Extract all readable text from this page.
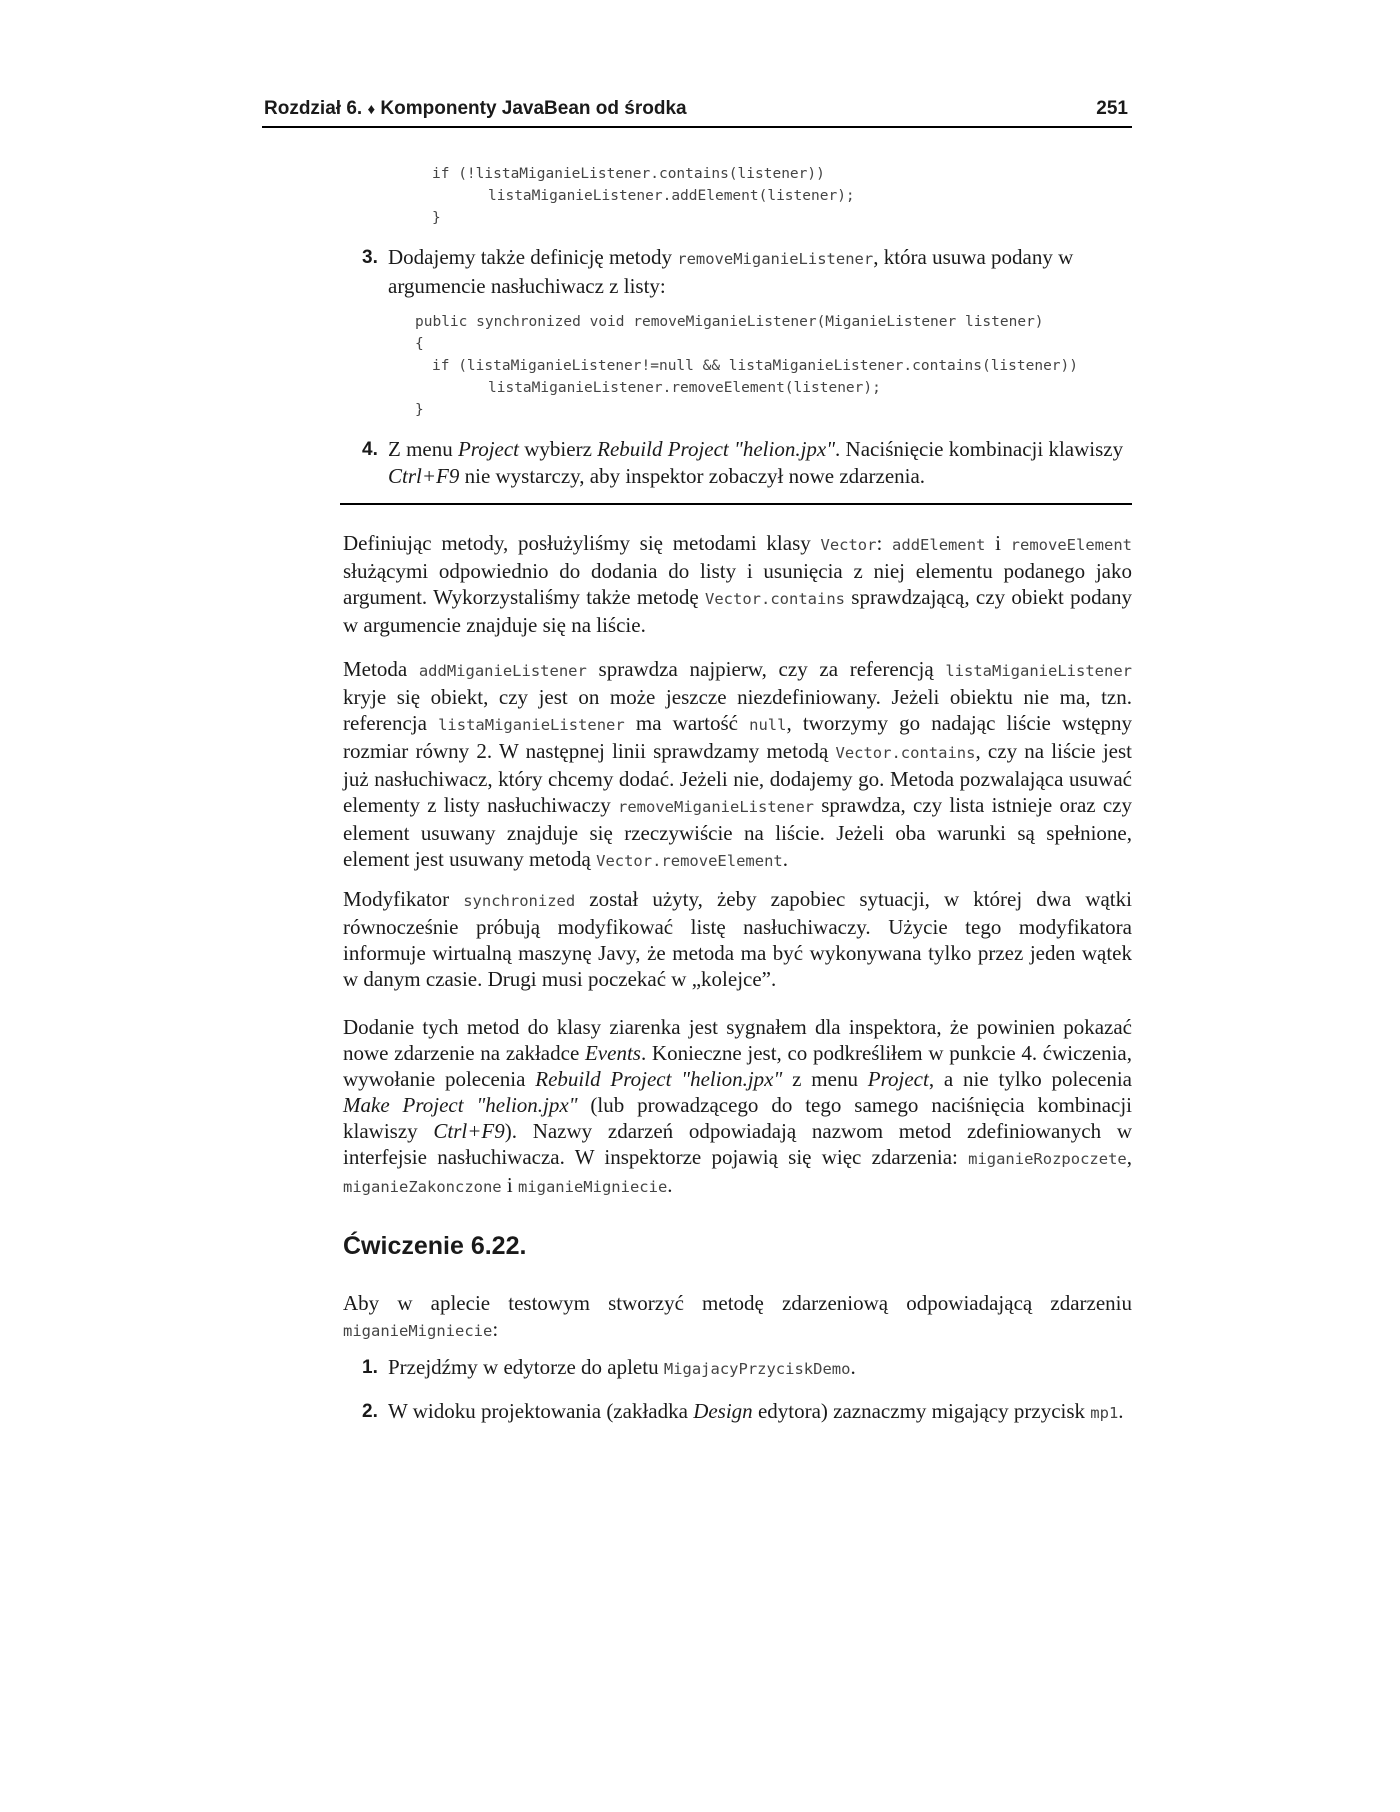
Rozdział 6. ♦ Komponenty JavaBean od środka	251
if (!listaMiganieListener.contains(listener))
listaMiganieListener.addElement(listener);
}
3. Dodajemy także definicję metody removeMiganieListener, która usuwa podany w argumencie nasłuchiwacz z listy:
public synchronized void removeMiganieListener(MiganieListener listener)
{
if (listaMiganieListener!=null && listaMiganieListener.contains(listener))
listaMiganieListener.removeElement(listener);
}
4. Z menu Project wybierz Rebuild Project "helion.jpx". Naciśnięcie kombinacji klawiszy Ctrl+F9 nie wystarczy, aby inspektor zobaczył nowe zdarzenia.

Definiując metody, posłużyliśmy się metodami klasy Vector: addElement i removeElement służącymi odpowiednio do dodania do listy i usunięcia z niej elementu podanego jako argument. Wykorzystaliśmy także metodę Vector.contains sprawdzającą, czy obiekt podany w argumencie znajduje się na liście.

Metoda addMiganieListener sprawdza najpierw, czy za referencją listaMiganieListener kryje się obiekt, czy jest on może jeszcze niezdefiniowany. Jeżeli obiektu nie ma, tzn. referencja listaMiganieListener ma wartość null, tworzymy go nadając liście wstępny rozmiar równy 2. W następnej linii sprawdzamy metodą Vector.contains, czy na liście jest już nasłuchiwacz, który chcemy dodać. Jeżeli nie, dodajemy go. Metoda pozwalająca usuwać elementy z listy nasłuchiwaczy removeMiganieListener sprawdza, czy lista istnieje oraz czy element usuwany znajduje się rzeczywiście na liście. Jeżeli oba warunki są spełnione, element jest usuwany metodą Vector.removeElement.

Modyfikator synchronized został użyty, żeby zapobiec sytuacji, w której dwa wątki równocześnie próbują modyfikować listę nasłuchiwaczy. Użycie tego modyfikatora informuje wirtualną maszynę Javy, że metoda ma być wykonywana tylko przez jeden wątek w danym czasie. Drugi musi poczekać w „kolejce”.

Dodanie tych metod do klasy ziarenka jest sygnałem dla inspektora, że powinien pokazać nowe zdarzenie na zakładce Events. Konieczne jest, co podkreśliłem w punkcie 4. ćwiczenia, wywołanie polecenia Rebuild Project "helion.jpx" z menu Project, a nie tylko polecenia Make Project "helion.jpx" (lub prowadzącego do tego samego naciśnięcia kombinacji klawiszy Ctrl+F9). Nazwy zdarzeń odpowiadają nazwom metod zdefiniowanych w interfejsie nasłuchiwacza. W inspektorze pojawią się więc zdarzenia: miganieRozpoczete, miganieZakonczone i miganieMigniecie.

Ćwiczenie 6.22.

Aby w aplecie testowym stworzyć metodę zdarzeniową odpowiadającą zdarzeniu miganieMigniecie:

1. Przejdźmy w edytorze do apletu MigajacyPrzyciskDemo.
2. W widoku projektowania (zakładka Design edytora) zaznaczmy migający przycisk mp1.
